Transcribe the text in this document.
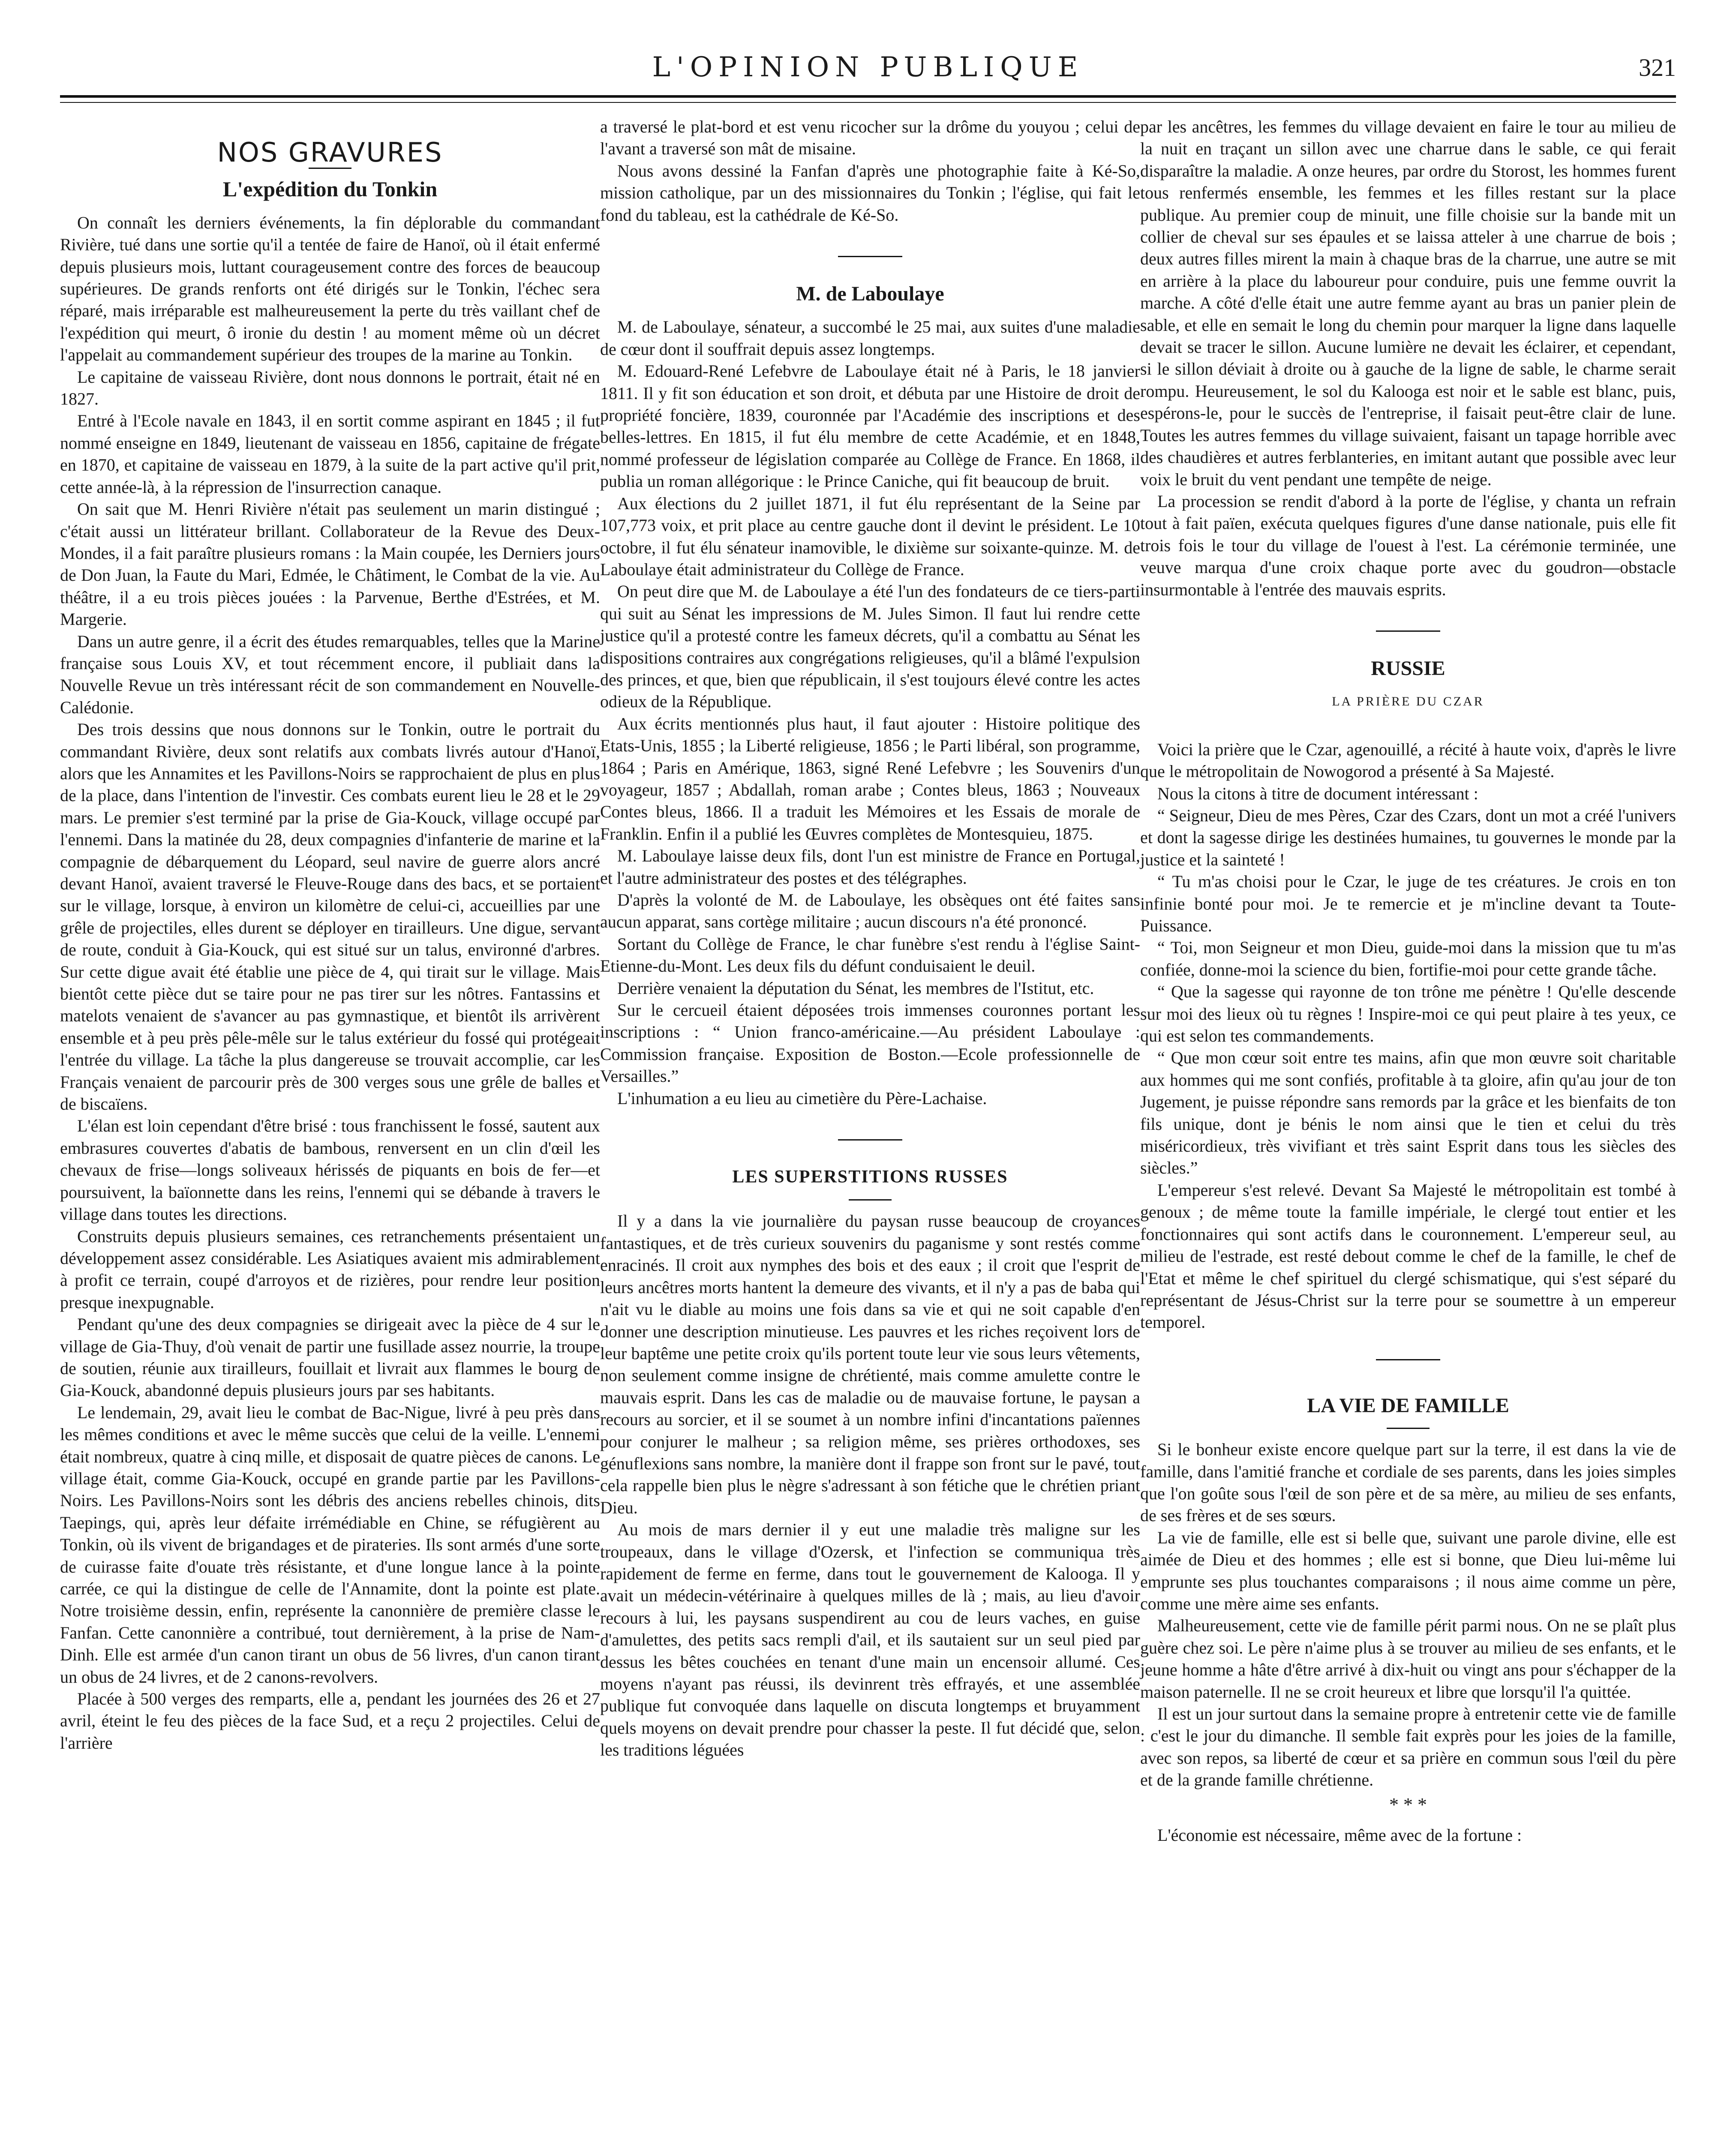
L'OPINION PUBLIQUE	321
NOS GRAVURES
L'expédition du Tonkin

On connaît les derniers événements, la fin déplorable du commandant Rivière, tué dans une sortie qu'il a tentée de faire de Hanoï, où il était enfermé depuis plusieurs mois, luttant courageusement contre des forces de beaucoup supérieures. De grands renforts ont été dirigés sur le Tonkin, l'échec sera réparé, mais irréparable est malheureusement la perte du très vaillant chef de l'expédition qui meurt, ô ironie du destin ! au moment même où un décret l'appelait au commandement supérieur des troupes de la marine au Tonkin.

Le capitaine de vaisseau Rivière, dont nous donnons le portrait, était né en 1827.

Entré à l'Ecole navale en 1843, il en sortit comme aspirant en 1845 ; il fut nommé enseigne en 1849, lieutenant de vaisseau en 1856, capitaine de frégate en 1870, et capitaine de vaisseau en 1879, à la suite de la part active qu'il prit, cette année-là, à la répression de l'insurrection canaque.

On sait que M. Henri Rivière n'était pas seulement un marin distingué ; c'était aussi un littérateur brillant. Collaborateur de la Revue des Deux-Mondes, il a fait paraître plusieurs romans : la Main coupée, les Derniers jours de Don Juan, la Faute du Mari, Edmée, le Châtiment, le Combat de la vie. Au théâtre, il a eu trois pièces jouées : la Parvenue, Berthe d'Estrées, et M. Margerie.

Dans un autre genre, il a écrit des études remarquables, telles que la Marine française sous Louis XV, et tout récemment encore, il publiait dans la Nouvelle Revue un très intéressant récit de son commandement en Nouvelle-Calédonie.

Des trois dessins que nous donnons sur le Tonkin, outre le portrait du commandant Rivière, deux sont relatifs aux combats livrés autour d'Hanoï, alors que les Annamites et les Pavillons-Noirs se rapprochaient de plus en plus de la place, dans l'intention de l'investir. Ces combats eurent lieu le 28 et le 29 mars. Le premier s'est terminé par la prise de Gia-Kouck, village occupé par l'ennemi. Dans la matinée du 28, deux compagnies d'infanterie de marine et la compagnie de débarquement du Léopard, seul navire de guerre alors ancré devant Hanoï, avaient traversé le Fleuve-Rouge dans des bacs, et se portaient sur le village, lorsque, à environ un kilomètre de celui-ci, accueillies par une grêle de projectiles, elles durent se déployer en tirailleurs. Une digue, servant de route, conduit à Gia-Kouck, qui est situé sur un talus, environné d'arbres. Sur cette digue avait été établie une pièce de 4, qui tirait sur le village. Mais bientôt cette pièce dut se taire pour ne pas tirer sur les nôtres. Fantassins et matelots venaient de s'avancer au pas gymnastique, et bientôt ils arrivèrent ensemble et à peu près pêle-mêle sur le talus extérieur du fossé qui protégeait l'entrée du village. La tâche la plus dangereuse se trouvait accomplie, car les Français venaient de parcourir près de 300 verges sous une grêle de balles et de biscaïens.

L'élan est loin cependant d'être brisé : tous franchissent le fossé, sautent aux embrasures couvertes d'abatis de bambous, renversent en un clin d'œil les chevaux de frise—longs soliveaux hérissés de piquants en bois de fer—et poursuivent, la baïonnette dans les reins, l'ennemi qui se débande à travers le village dans toutes les directions.

Construits depuis plusieurs semaines, ces retranchements présentaient un développement assez considérable. Les Asiatiques avaient mis admirablement à profit ce terrain, coupé d'arroyos et de rizières, pour rendre leur position presque inexpugnable.

Pendant qu'une des deux compagnies se dirigeait avec la pièce de 4 sur le village de Gia-Thuy, d'où venait de partir une fusillade assez nourrie, la troupe de soutien, réunie aux tirailleurs, fouillait et livrait aux flammes le bourg de Gia-Kouck, abandonné depuis plusieurs jours par ses habitants.

Le lendemain, 29, avait lieu le combat de Bac-Nigue, livré à peu près dans les mêmes conditions et avec le même succès que celui de la veille. L'ennemi était nombreux, quatre à cinq mille, et disposait de quatre pièces de canons. Le village était, comme Gia-Kouck, occupé en grande partie par les Pavillons-Noirs. Les Pavillons-Noirs sont les débris des anciens rebelles chinois, dits Taepings, qui, après leur défaite irrémédiable en Chine, se réfugièrent au Tonkin, où ils vivent de brigandages et de pirateries. Ils sont armés d'une sorte de cuirasse faite d'ouate très résistante, et d'une longue lance à la pointe carrée, ce qui la distingue de celle de l'Annamite, dont la pointe est plate. Notre troisième dessin, enfin, représente la canonnière de première classe le Fanfan. Cette canonnière a contribué, tout dernièrement, à la prise de Nam-Dinh. Elle est armée d'un canon tirant un obus de 56 livres, d'un canon tirant un obus de 24 livres, et de 2 canons-revolvers.

Placée à 500 verges des remparts, elle a, pendant les journées des 26 et 27 avril, éteint le feu des pièces de la face Sud, et a reçu 2 projectiles. Celui de l'arrière

a traversé le plat-bord et est venu ricocher sur la drôme du youyou ; celui de l'avant a traversé son mât de misaine.

Nous avons dessiné la Fanfan d'après une photographie faite à Ké-So, mission catholique, par un des missionnaires du Tonkin ; l'église, qui fait le fond du tableau, est la cathédrale de Ké-So.

M. de Laboulaye

M. de Laboulaye, sénateur, a succombé le 25 mai, aux suites d'une maladie de cœur dont il souffrait depuis assez longtemps.

M. Edouard-René Lefebvre de Laboulaye était né à Paris, le 18 janvier 1811. Il y fit son éducation et son droit, et débuta par une Histoire de droit de propriété foncière, 1839, couronnée par l'Académie des inscriptions et des belles-lettres. En 1815, il fut élu membre de cette Académie, et en 1848, nommé professeur de législation comparée au Collège de France. En 1868, il publia un roman allégorique : le Prince Caniche, qui fit beaucoup de bruit.

Aux élections du 2 juillet 1871, il fut élu représentant de la Seine par 107,773 voix, et prit place au centre gauche dont il devint le président. Le 10 octobre, il fut élu sénateur inamovible, le dixième sur soixante-quinze. M. de Laboulaye était administrateur du Collège de France.

On peut dire que M. de Laboulaye a été l'un des fondateurs de ce tiers-parti qui suit au Sénat les impressions de M. Jules Simon. Il faut lui rendre cette justice qu'il a protesté contre les fameux décrets, qu'il a combattu au Sénat les dispositions contraires aux congrégations religieuses, qu'il a blâmé l'expulsion des princes, et que, bien que républicain, il s'est toujours élevé contre les actes odieux de la République.

Aux écrits mentionnés plus haut, il faut ajouter : Histoire politique des Etats-Unis, 1855 ; la Liberté religieuse, 1856 ; le Parti libéral, son programme, 1864 ; Paris en Amérique, 1863, signé René Lefebvre ; les Souvenirs d'un voyageur, 1857 ; Abdallah, roman arabe ; Contes bleus, 1863 ; Nouveaux Contes bleus, 1866. Il a traduit les Mémoires et les Essais de morale de Franklin. Enfin il a publié les Œuvres complètes de Montesquieu, 1875.

M. Laboulaye laisse deux fils, dont l'un est ministre de France en Portugal, et l'autre administrateur des postes et des télégraphes.

D'après la volonté de M. de Laboulaye, les obsèques ont été faites sans aucun apparat, sans cortège militaire ; aucun discours n'a été prononcé.

Sortant du Collège de France, le char funèbre s'est rendu à l'église Saint-Etienne-du-Mont. Les deux fils du défunt conduisaient le deuil.

Derrière venaient la députation du Sénat, les membres de l'Istitut, etc.

Sur le cercueil étaient déposées trois immenses couronnes portant les inscriptions : “ Union franco-américaine.—Au président Laboulaye : Commission française. Exposition de Boston.—Ecole professionnelle de Versailles.”

L'inhumation a eu lieu au cimetière du Père-Lachaise.

LES SUPERSTITIONS RUSSES

Il y a dans la vie journalière du paysan russe beaucoup de croyances fantastiques, et de très curieux souvenirs du paganisme y sont restés comme enracinés. Il croit aux nymphes des bois et des eaux ; il croit que l'esprit de leurs ancêtres morts hantent la demeure des vivants, et il n'y a pas de baba qui n'ait vu le diable au moins une fois dans sa vie et qui ne soit capable d'en donner une description minutieuse. Les pauvres et les riches reçoivent lors de leur baptême une petite croix qu'ils portent toute leur vie sous leurs vêtements, non seulement comme insigne de chrétienté, mais comme amulette contre le mauvais esprit. Dans les cas de maladie ou de mauvaise fortune, le paysan a recours au sorcier, et il se soumet à un nombre infini d'incantations païennes pour conjurer le malheur ; sa religion même, ses prières orthodoxes, ses génuflexions sans nombre, la manière dont il frappe son front sur le pavé, tout cela rappelle bien plus le nègre s'adressant à son fétiche que le chrétien priant Dieu.

Au mois de mars dernier il y eut une maladie très maligne sur les troupeaux, dans le village d'Ozersk, et l'infection se communiqua très rapidement de ferme en ferme, dans tout le gouvernement de Kalooga. Il y avait un médecin-vétérinaire à quelques milles de là ; mais, au lieu d'avoir recours à lui, les paysans suspendirent au cou de leurs vaches, en guise d'amulettes, des petits sacs rempli d'ail, et ils sautaient sur un seul pied par dessus les bêtes couchées en tenant d'une main un encensoir allumé. Ces moyens n'ayant pas réussi, ils devinrent très effrayés, et une assemblée publique fut convoquée dans laquelle on discuta longtemps et bruyamment quels moyens on devait prendre pour chasser la peste. Il fut décidé que, selon les traditions léguées

par les ancêtres, les femmes du village devaient en faire le tour au milieu de la nuit en traçant un sillon avec une charrue dans le sable, ce qui ferait disparaître la maladie. A onze heures, par ordre du Storost, les hommes furent tous renfermés ensemble, les femmes et les filles restant sur la place publique. Au premier coup de minuit, une fille choisie sur la bande mit un collier de cheval sur ses épaules et se laissa atteler à une charrue de bois ; deux autres filles mirent la main à chaque bras de la charrue, une autre se mit en arrière à la place du laboureur pour conduire, puis une femme ouvrit la marche. A côté d'elle était une autre femme ayant au bras un panier plein de sable, et elle en semait le long du chemin pour marquer la ligne dans laquelle devait se tracer le sillon. Aucune lumière ne devait les éclairer, et cependant, si le sillon déviait à droite ou à gauche de la ligne de sable, le charme serait rompu. Heureusement, le sol du Kalooga est noir et le sable est blanc, puis, espérons-le, pour le succès de l'entreprise, il faisait peut-être clair de lune. Toutes les autres femmes du village suivaient, faisant un tapage horrible avec des chaudières et autres ferblanteries, en imitant autant que possible avec leur voix le bruit du vent pendant une tempête de neige.

La procession se rendit d'abord à la porte de l'église, y chanta un refrain tout à fait païen, exécuta quelques figures d'une danse nationale, puis elle fit trois fois le tour du village de l'ouest à l'est. La cérémonie terminée, une veuve marqua d'une croix chaque porte avec du goudron—obstacle insurmontable à l'entrée des mauvais esprits.

RUSSIE
LA PRIÈRE DU CZAR

Voici la prière que le Czar, agenouillé, a récité à haute voix, d'après le livre que le métropolitain de Nowogorod a présenté à Sa Majesté.

Nous la citons à titre de document intéressant :

“ Seigneur, Dieu de mes Pères, Czar des Czars, dont un mot a créé l'univers et dont la sagesse dirige les destinées humaines, tu gouvernes le monde par la justice et la sainteté !

“ Tu m'as choisi pour le Czar, le juge de tes créatures. Je crois en ton infinie bonté pour moi. Je te remercie et je m'incline devant ta Toute-Puissance.

“ Toi, mon Seigneur et mon Dieu, guide-moi dans la mission que tu m'as confiée, donne-moi la science du bien, fortifie-moi pour cette grande tâche.

“ Que la sagesse qui rayonne de ton trône me pénètre ! Qu'elle descende sur moi des lieux où tu règnes ! Inspire-moi ce qui peut plaire à tes yeux, ce qui est selon tes commandements.

“ Que mon cœur soit entre tes mains, afin que mon œuvre soit charitable aux hommes qui me sont confiés, profitable à ta gloire, afin qu'au jour de ton Jugement, je puisse répondre sans remords par la grâce et les bienfaits de ton fils unique, dont je bénis le nom ainsi que le tien et celui du très miséricordieux, très vivifiant et très saint Esprit dans tous les siècles des siècles.”

L'empereur s'est relevé. Devant Sa Majesté le métropolitain est tombé à genoux ; de même toute la famille impériale, le clergé tout entier et les fonctionnaires qui sont actifs dans le couronnement. L'empereur seul, au milieu de l'estrade, est resté debout comme le chef de la famille, le chef de l'Etat et même le chef spirituel du clergé schismatique, qui s'est séparé du représentant de Jésus-Christ sur la terre pour se soumettre à un empereur temporel.

LA VIE DE FAMILLE

Si le bonheur existe encore quelque part sur la terre, il est dans la vie de famille, dans l'amitié franche et cordiale de ses parents, dans les joies simples que l'on goûte sous l'œil de son père et de sa mère, au milieu de ses enfants, de ses frères et de ses sœurs.

La vie de famille, elle est si belle que, suivant une parole divine, elle est aimée de Dieu et des hommes ; elle est si bonne, que Dieu lui-même lui emprunte ses plus touchantes comparaisons ; il nous aime comme un père, comme une mère aime ses enfants.

Malheureusement, cette vie de famille périt parmi nous. On ne se plaît plus guère chez soi. Le père n'aime plus à se trouver au milieu de ses enfants, et le jeune homme a hâte d'être arrivé à dix-huit ou vingt ans pour s'échapper de la maison paternelle. Il ne se croit heureux et libre que lorsqu'il l'a quittée.

Il est un jour surtout dans la semaine propre à entretenir cette vie de famille : c'est le jour du dimanche. Il semble fait exprès pour les joies de la famille, avec son repos, sa liberté de cœur et sa prière en commun sous l'œil du père et de la grande famille chrétienne.

* * *

L'économie est nécessaire, même avec de la fortune :
